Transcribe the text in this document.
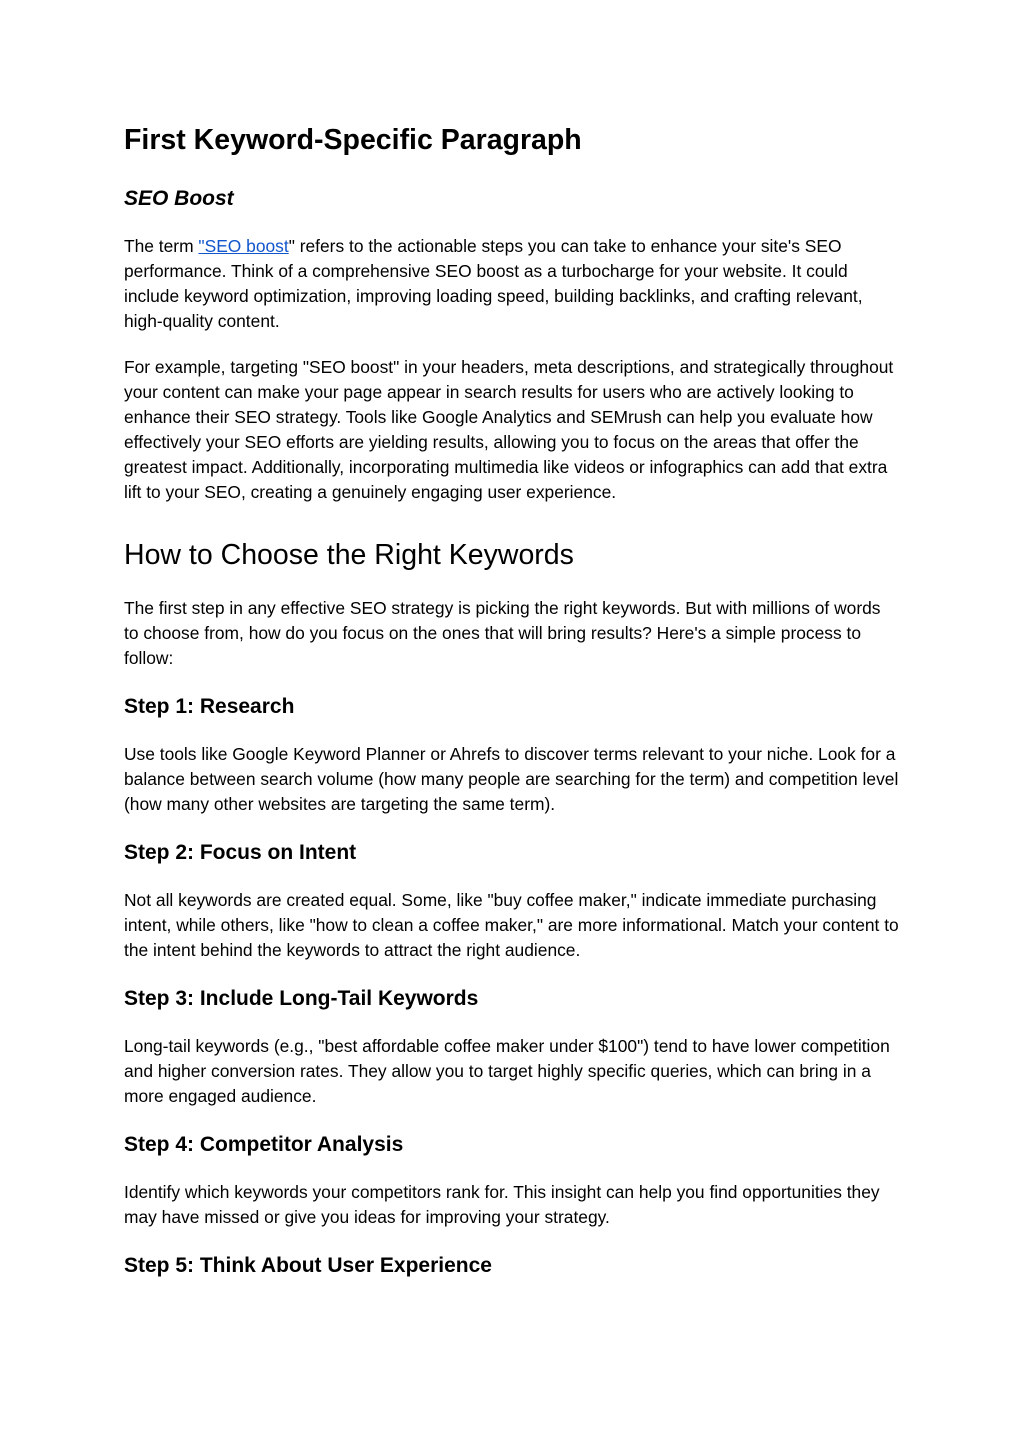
First Keyword-Specific Paragraph
SEO Boost

The term "SEO boost" refers to the actionable steps you can take to enhance your site's SEO performance. Think of a comprehensive SEO boost as a turbocharge for your website. It could include keyword optimization, improving loading speed, building backlinks, and crafting relevant, high-quality content.

For example, targeting "SEO boost" in your headers, meta descriptions, and strategically throughout your content can make your page appear in search results for users who are actively looking to enhance their SEO strategy. Tools like Google Analytics and SEMrush can help you evaluate how effectively your SEO efforts are yielding results, allowing you to focus on the areas that offer the greatest impact. Additionally, incorporating multimedia like videos or infographics can add that extra lift to your SEO, creating a genuinely engaging user experience.

How to Choose the Right Keywords

The first step in any effective SEO strategy is picking the right keywords. But with millions of words to choose from, how do you focus on the ones that will bring results? Here's a simple process to follow:

Step 1: Research

Use tools like Google Keyword Planner or Ahrefs to discover terms relevant to your niche. Look for a balance between search volume (how many people are searching for the term) and competition level (how many other websites are targeting the same term).

Step 2: Focus on Intent

Not all keywords are created equal. Some, like "buy coffee maker," indicate immediate purchasing intent, while others, like "how to clean a coffee maker," are more informational. Match your content to the intent behind the keywords to attract the right audience.

Step 3: Include Long-Tail Keywords

Long-tail keywords (e.g., "best affordable coffee maker under $100") tend to have lower competition and higher conversion rates. They allow you to target highly specific queries, which can bring in a more engaged audience.

Step 4: Competitor Analysis

Identify which keywords your competitors rank for. This insight can help you find opportunities they may have missed or give you ideas for improving your strategy.

Step 5: Think About User Experience
